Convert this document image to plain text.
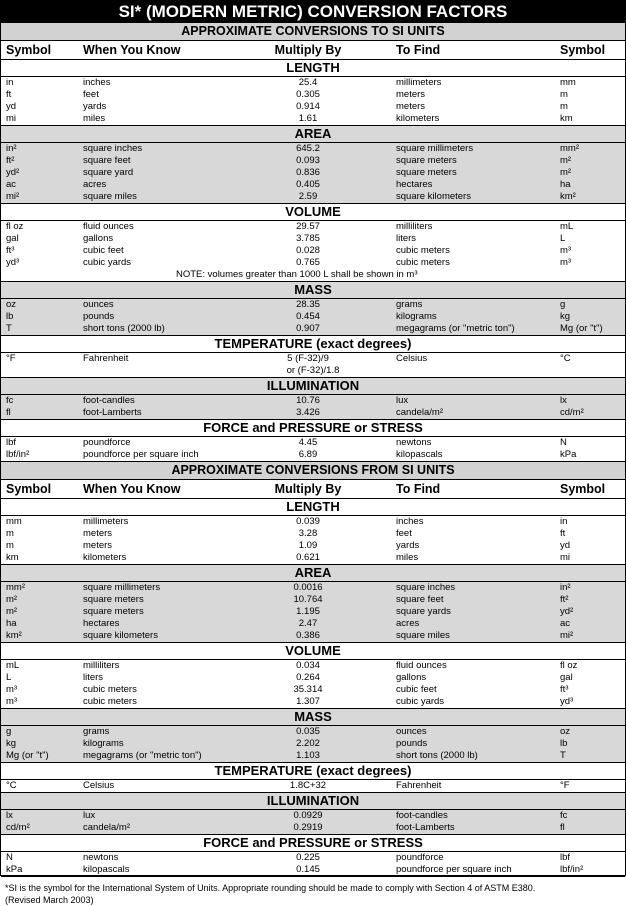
SI* (MODERN METRIC) CONVERSION FACTORS
APPROXIMATE CONVERSIONS TO SI UNITS
Symbol	When You Know	Multiply By	To Find	Symbol
LENGTH
in	inches	25.4	millimeters	mm
ft	feet	0.305	meters	m
yd	yards	0.914	meters	m
mi	miles	1.61	kilometers	km
AREA
in²	square inches	645.2	square millimeters	mm²
ft²	square feet	0.093	square meters	m²
yd²	square yard	0.836	square meters	m²
ac	acres	0.405	hectares	ha
mi²	square miles	2.59	square kilometers	km²
VOLUME
fl oz	fluid ounces	29.57	milliliters	mL
gal	gallons	3.785	liters	L
ft³	cubic feet	0.028	cubic meters	m³
yd³	cubic yards	0.765	cubic meters	m³
NOTE: volumes greater than 1000 L shall be shown in m³
MASS
oz	ounces	28.35	grams	g
lb	pounds	0.454	kilograms	kg
T	short tons (2000 lb)	0.907	megagrams (or "metric ton")	Mg (or "t")
TEMPERATURE (exact degrees)
°F	Fahrenheit	5 (F-32)/9	Celsius	°C
or (F-32)/1.8
ILLUMINATION
fc	foot-candles	10.76	lux	lx
fl	foot-Lamberts	3.426	candela/m²	cd/m²
FORCE and PRESSURE or STRESS
lbf	poundforce	4.45	newtons	N
lbf/in²	poundforce per square inch	6.89	kilopascals	kPa
APPROXIMATE CONVERSIONS FROM SI UNITS
Symbol	When You Know	Multiply By	To Find	Symbol
LENGTH
mm	millimeters	0.039	inches	in
m	meters	3.28	feet	ft
m	meters	1.09	yards	yd
km	kilometers	0.621	miles	mi
AREA
mm²	square millimeters	0.0016	square inches	in²
m²	square meters	10.764	square feet	ft²
m²	square meters	1.195	square yards	yd²
ha	hectares	2.47	acres	ac
km²	square kilometers	0.386	square miles	mi²
VOLUME
mL	milliliters	0.034	fluid ounces	fl oz
L	liters	0.264	gallons	gal
m³	cubic meters	35.314	cubic feet	ft³
m³	cubic meters	1.307	cubic yards	yd³
MASS
g	grams	0.035	ounces	oz
kg	kilograms	2.202	pounds	lb
Mg (or "t")	megagrams (or "metric ton")	1.103	short tons (2000 lb)	T
TEMPERATURE (exact degrees)
°C	Celsius	1.8C+32	Fahrenheit	°F
ILLUMINATION
lx	lux	0.0929	foot-candles	fc
cd/m²	candela/m²	0.2919	foot-Lamberts	fl
FORCE and PRESSURE or STRESS
N	newtons	0.225	poundforce	lbf
kPa	kilopascals	0.145	poundforce per square inch	lbf/in²
*SI is the symbol for the International System of Units. Appropriate rounding should be made to comply with Section 4 of ASTM E380.
(Revised March 2003)
